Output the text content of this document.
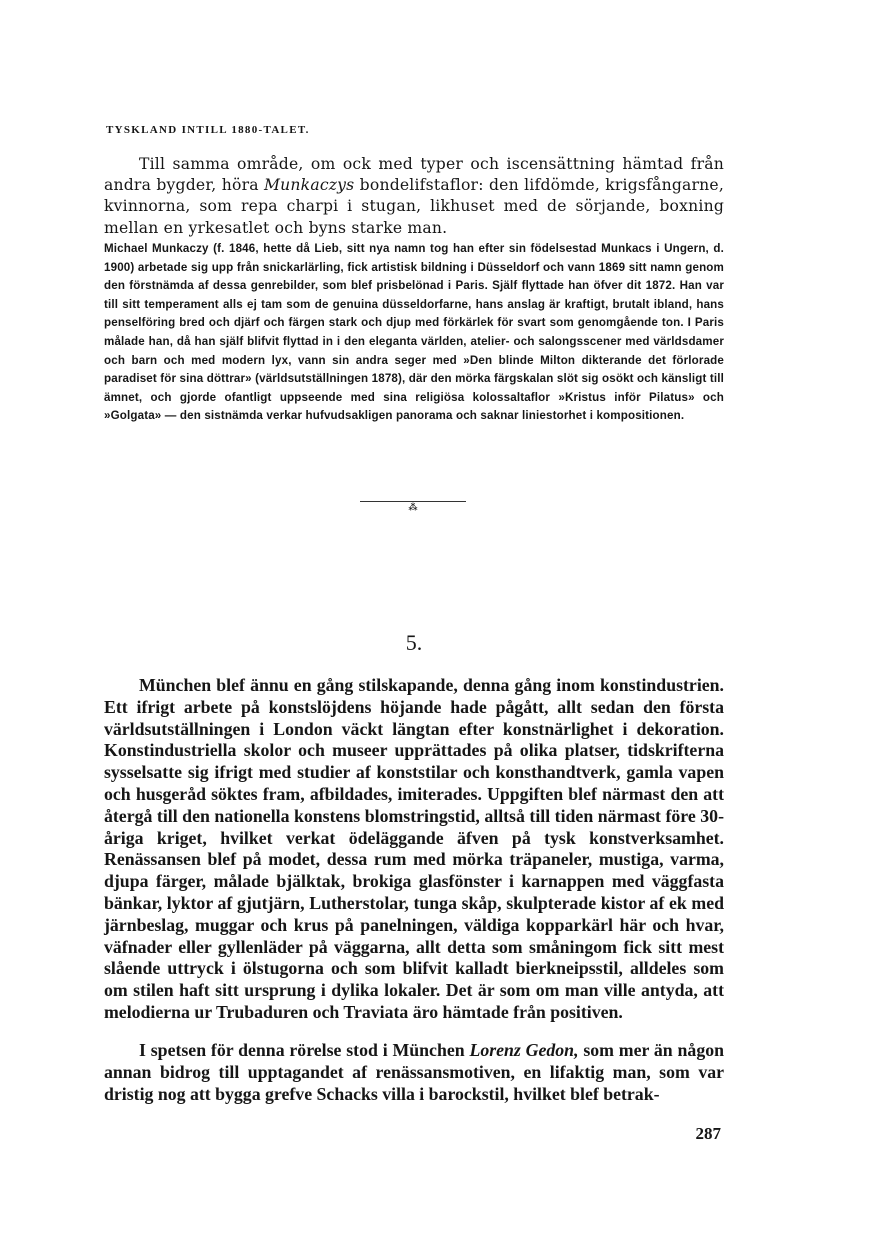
TYSKLAND INTILL 1880-TALET.

Till samma område, om ock med typer och iscensättning hämtad från andra bygder, höra Munkaczys bondelifstaflor: den lifdömde, krigsfångarne, kvinnorna, som repa charpi i stugan, likhuset med de sörjande, boxning mellan en yrkesatlet och byns starke man.

Michael Munkaczy (f. 1846, hette då Lieb, sitt nya namn tog han efter sin födelsestad Munkacs i Ungern, d. 1900) arbetade sig upp från snickarlärling, fick artistisk bildning i Düsseldorf och vann 1869 sitt namn genom den förstnämda af dessa genrebilder, som blef prisbelönad i Paris. Själf flyttade han öfver dit 1872. Han var till sitt temperament alls ej tam som de genuina düsseldorfarne, hans anslag är kraftigt, brutalt ibland, hans penselföring bred och djärf och färgen stark och djup med förkärlek för svart som genomgående ton. I Paris målade han, då han själf blifvit flyttad in i den eleganta världen, atelier- och salongsscener med världsdamer och barn och med modern lyx, vann sin andra seger med »Den blinde Milton dikterande det förlorade paradiset för sina döttrar» (världsutställningen 1878), där den mörka färgskalan slöt sig osökt och känsligt till ämnet, och gjorde ofantligt uppseende med sina religiösa kolossaltaflor »Kristus inför Pilatus» och »Golgata» — den sistnämda verkar hufvudsakligen panorama och saknar liniestorhet i kompositionen.

⁂
5.

München blef ännu en gång stilskapande, denna gång inom konstindustrien. Ett ifrigt arbete på konstslöjdens höjande hade pågått, allt sedan den första världsutställningen i London väckt längtan efter konstnärlighet i dekoration. Konstindustriella skolor och museer upprättades på olika platser, tidskrifterna sysselsatte sig ifrigt med studier af konststilar och konsthandtverk, gamla vapen och husgeråd söktes fram, afbildades, imiterades. Uppgiften blef närmast den att återgå till den nationella konstens blomstringstid, alltså till tiden närmast före 30-åriga kriget, hvilket verkat ödeläggande äfven på tysk konstverksamhet. Renässansen blef på modet, dessa rum med mörka träpaneler, mustiga, varma, djupa färger, målade bjälktak, brokiga glasfönster i karnappen med väggfasta bänkar, lyktor af gjutjärn, Lutherstolar, tunga skåp, skulpterade kistor af ek med järnbeslag, muggar och krus på panelningen, väldiga kopparkärl här och hvar, väfnader eller gyllenläder på väggarna, allt detta som småningom fick sitt mest slående uttryck i ölstugorna och som blifvit kalladt bierkneipsstil, alldeles som om stilen haft sitt ursprung i dylika lokaler. Det är som om man ville antyda, att melodierna ur Trubaduren och Traviata äro hämtade från positiven.

I spetsen för denna rörelse stod i München Lorenz Gedon, som mer än någon annan bidrog till upptagandet af renässansmotiven, en lifaktig man, som var dristig nog att bygga grefve Schacks villa i barockstil, hvilket blef betrak-

287
